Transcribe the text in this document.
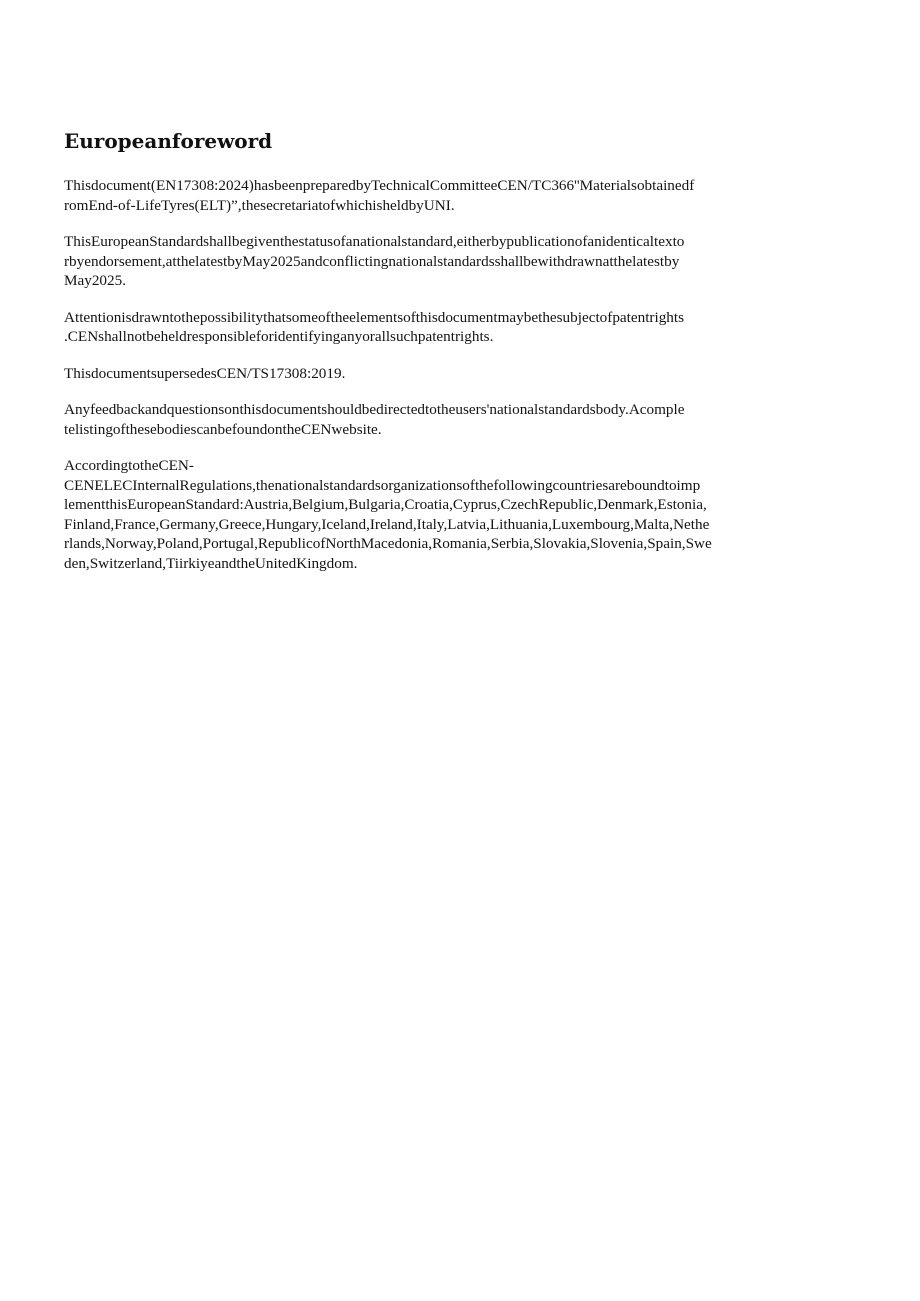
Europeanforeword

Thisdocument(EN17308:2024)hasbeenpreparedbyTechnicalCommitteeCEN/TC366''Materialsobtainedf
romEnd-of-LifeTyres(ELT)”,thesecretariatofwhichisheldbyUNI.

ThisEuropeanStandardshallbegiventhestatusofanationalstandard,eitherbypublicationofanidenticaltexto
rbyendorsement,atthelatestbyMay2025andconflictingnationalstandardsshallbewithdrawnatthelatestby
May2025.

Attentionisdrawntothepossibilitythatsomeoftheelementsofthisdocumentmaybethesubjectofpatentrights
.CENshallnotbeheldresponsibleforidentifyinganyorallsuchpatentrights.

ThisdocumentsupersedesCEN/TS17308:2019.

Anyfeedbackandquestionsonthisdocumentshouldbedirectedtotheusers'nationalstandardsbody.Acomple
telistingofthesebodiescanbefoundontheCENwebsite.

AccordingtotheCEN-
CENELECInternalRegulations,thenationalstandardsorganizationsofthefollowingcountriesareboundtoimp
lementthisEuropeanStandard:Austria,Belgium,Bulgaria,Croatia,Cyprus,CzechRepublic,Denmark,Estonia,
Finland,France,Germany,Greece,Hungary,Iceland,Ireland,Italy,Latvia,Lithuania,Luxembourg,Malta,Nethe
rlands,Norway,Poland,Portugal,RepublicofNorthMacedonia,Romania,Serbia,Slovakia,Slovenia,Spain,Swe
den,Switzerland,TiirkiyeandtheUnitedKingdom.
